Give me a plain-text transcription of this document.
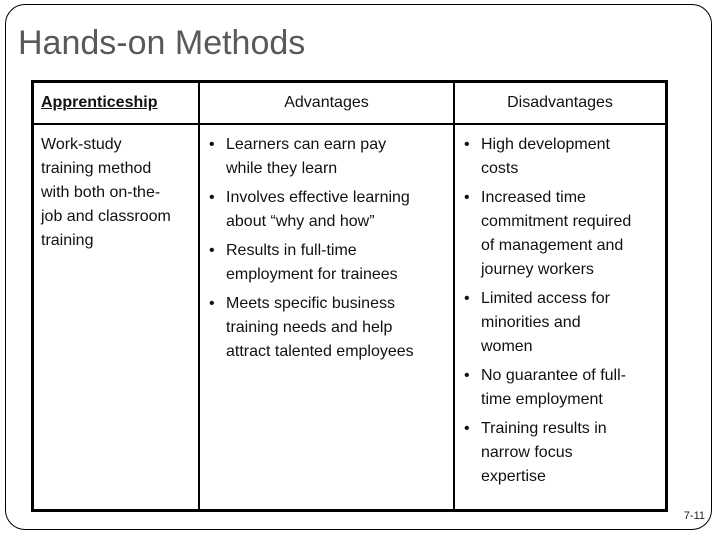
Hands-on Methods
Apprenticeship	Advantages	Disadvantages
Work-study training method with both on-the-job and classroom training
• Learners can earn pay while they learn
• Involves effective learning about “why and how”
• Results in full-time employment for trainees
• Meets specific business training needs and help attract talented employees
• High development costs
• Increased time commitment required of management and journey workers
• Limited access for minorities and women
• No guarantee of full-time employment
• Training results in narrow focus expertise
7-11
